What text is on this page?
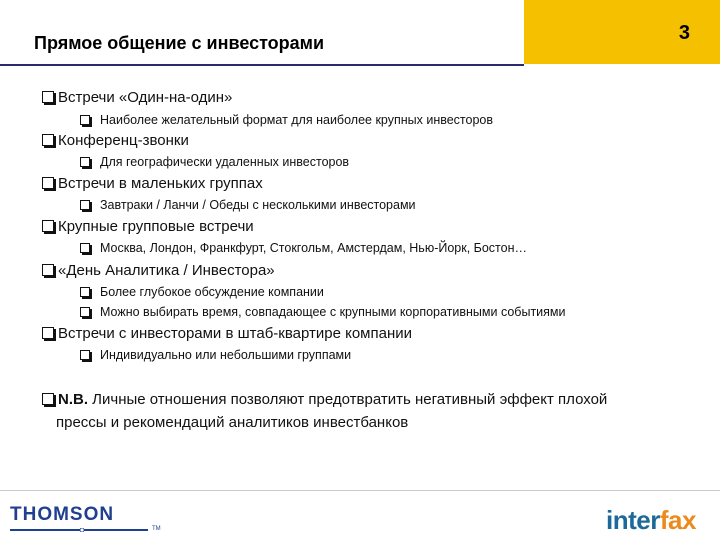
Прямое общение с инвесторами	3
Встречи «Один-на-один»
Наиболее желательный формат для наиболее крупных инвесторов
Конференц-звонки
Для географически удаленных инвесторов
Встречи в маленьких группах
Завтраки / Ланчи / Обеды с несколькими инвесторами
Крупные групповые встречи
Москва, Лондон, Франкфурт, Стокгольм, Амстердам, Нью-Йорк, Бостон…
«День Аналитика / Инвестора»
Более глубокое обсуждение компании
Можно выбирать время, совпадающее с крупными корпоративными событиями
Встречи с инвесторами в штаб-квартире компании
Индивидуально или небольшими группами
N.B. Личные отношения позволяют предотвратить негативный эффект плохой
прессы и рекомендаций аналитиков инвестбанков
THOMSON
TM	interfax
